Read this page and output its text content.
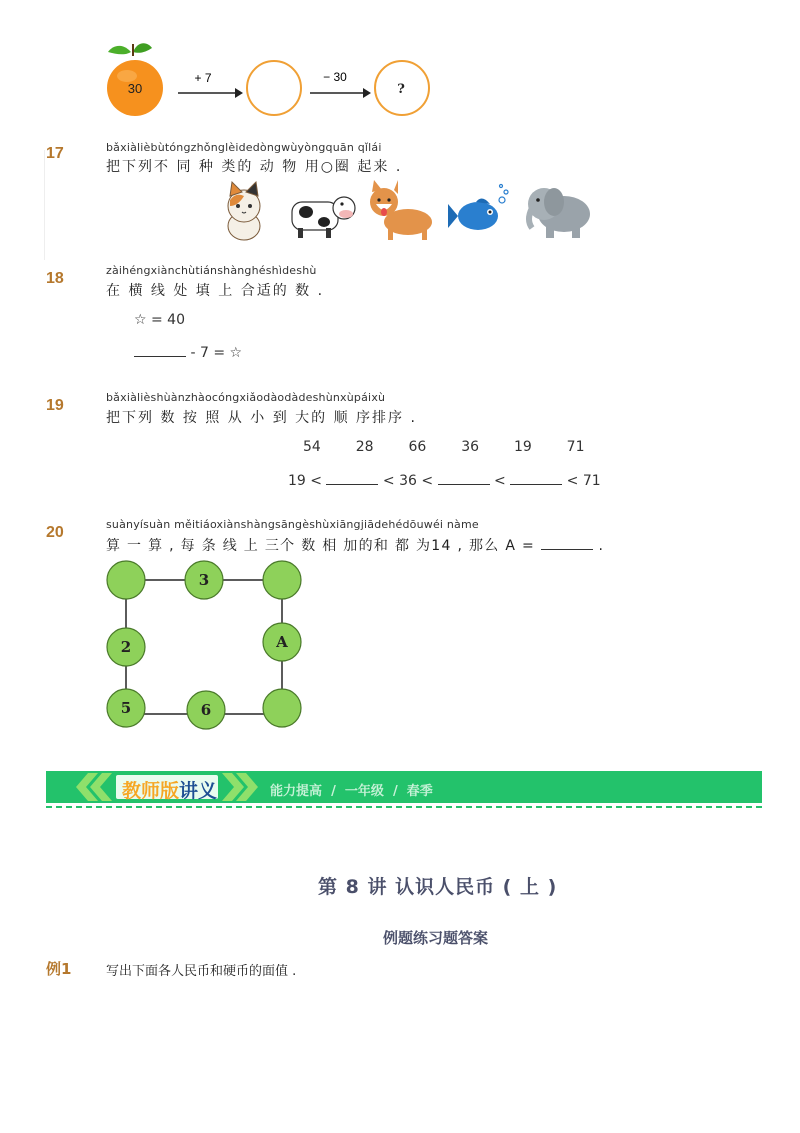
30
+ 7	− 30
?
17	bǎxiàlièbùtóngzhǒnglèidedòngwùyòngquān qǐlái
把下列不 同 种 类的 动 物 用○圈 起来 .
18	zàihéngxiànchùtiánshànghéshìdeshù
在 横 线 处 填 上 合适的 数 .
☆ = 40
- 7 = ☆
19	bǎxiàlièshùànzhàocóngxiǎodàodàdeshùnxùpáixù
把下列 数 按 照 从 小 到 大的 顺 序排序 .
54 28 66 36 19 71
19 <	< 36 <	<	< 71
20	suànyísuàn měitiáoxiànshàngsāngèshùxiāngjiādehédōuwéi nàme
算 一 算 , 每 条 线 上 三个 数 相 加的和 都 为14 , 那么 A =	.
3
2	A
5	6
教师版讲义	能力提高 / 一年级 / 春季
第 8 讲 认识人民币 ( 上 )
例题练习题答案
例1	写出下面各人民币和硬币的面值 .
